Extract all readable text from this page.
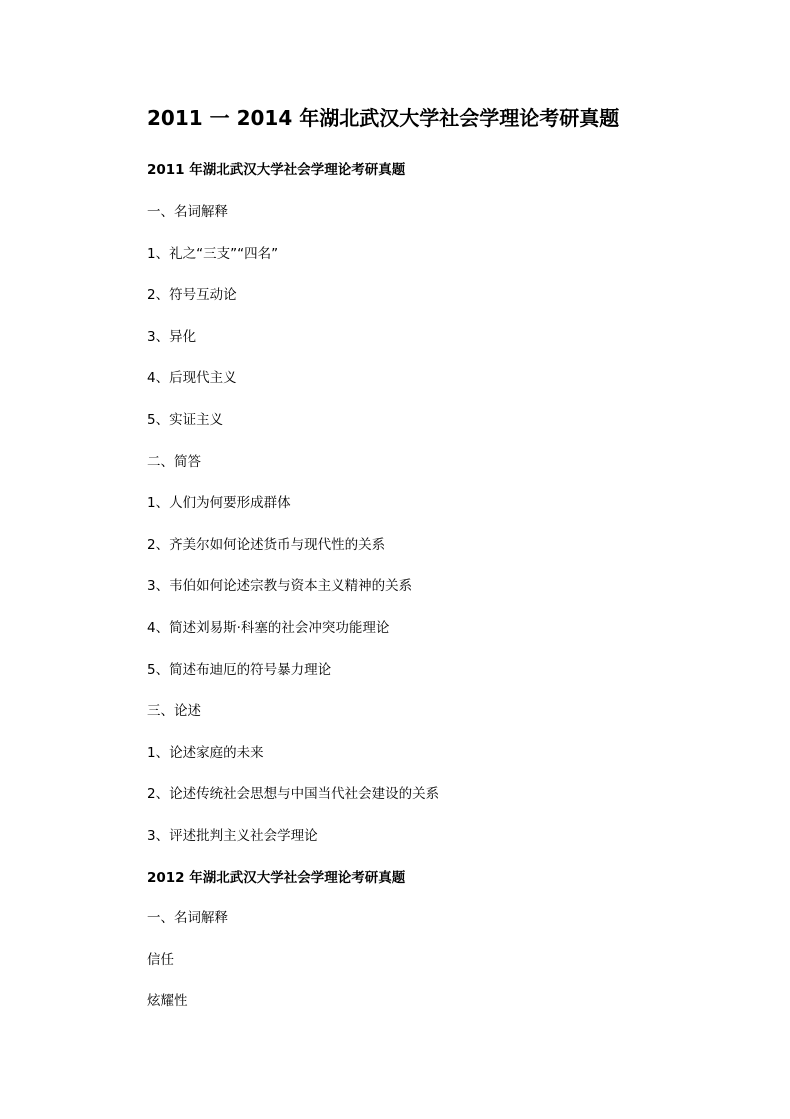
2011 一 2014 年湖北武汉大学社会学理论考研真题
2011 年湖北武汉大学社会学理论考研真题
一、名词解释
1、礼之“三支”“四名”
2、符号互动论
3、异化
4、后现代主义
5、实证主义
二、简答
1、人们为何要形成群体
2、齐美尔如何论述货币与现代性的关系
3、韦伯如何论述宗教与资本主义精神的关系
4、简述刘易斯·科塞的社会冲突功能理论
5、简述布迪厄的符号暴力理论
三、论述
1、论述家庭的未来
2、论述传统社会思想与中国当代社会建设的关系
3、评述批判主义社会学理论
2012 年湖北武汉大学社会学理论考研真题
一、名词解释
信任
炫耀性
